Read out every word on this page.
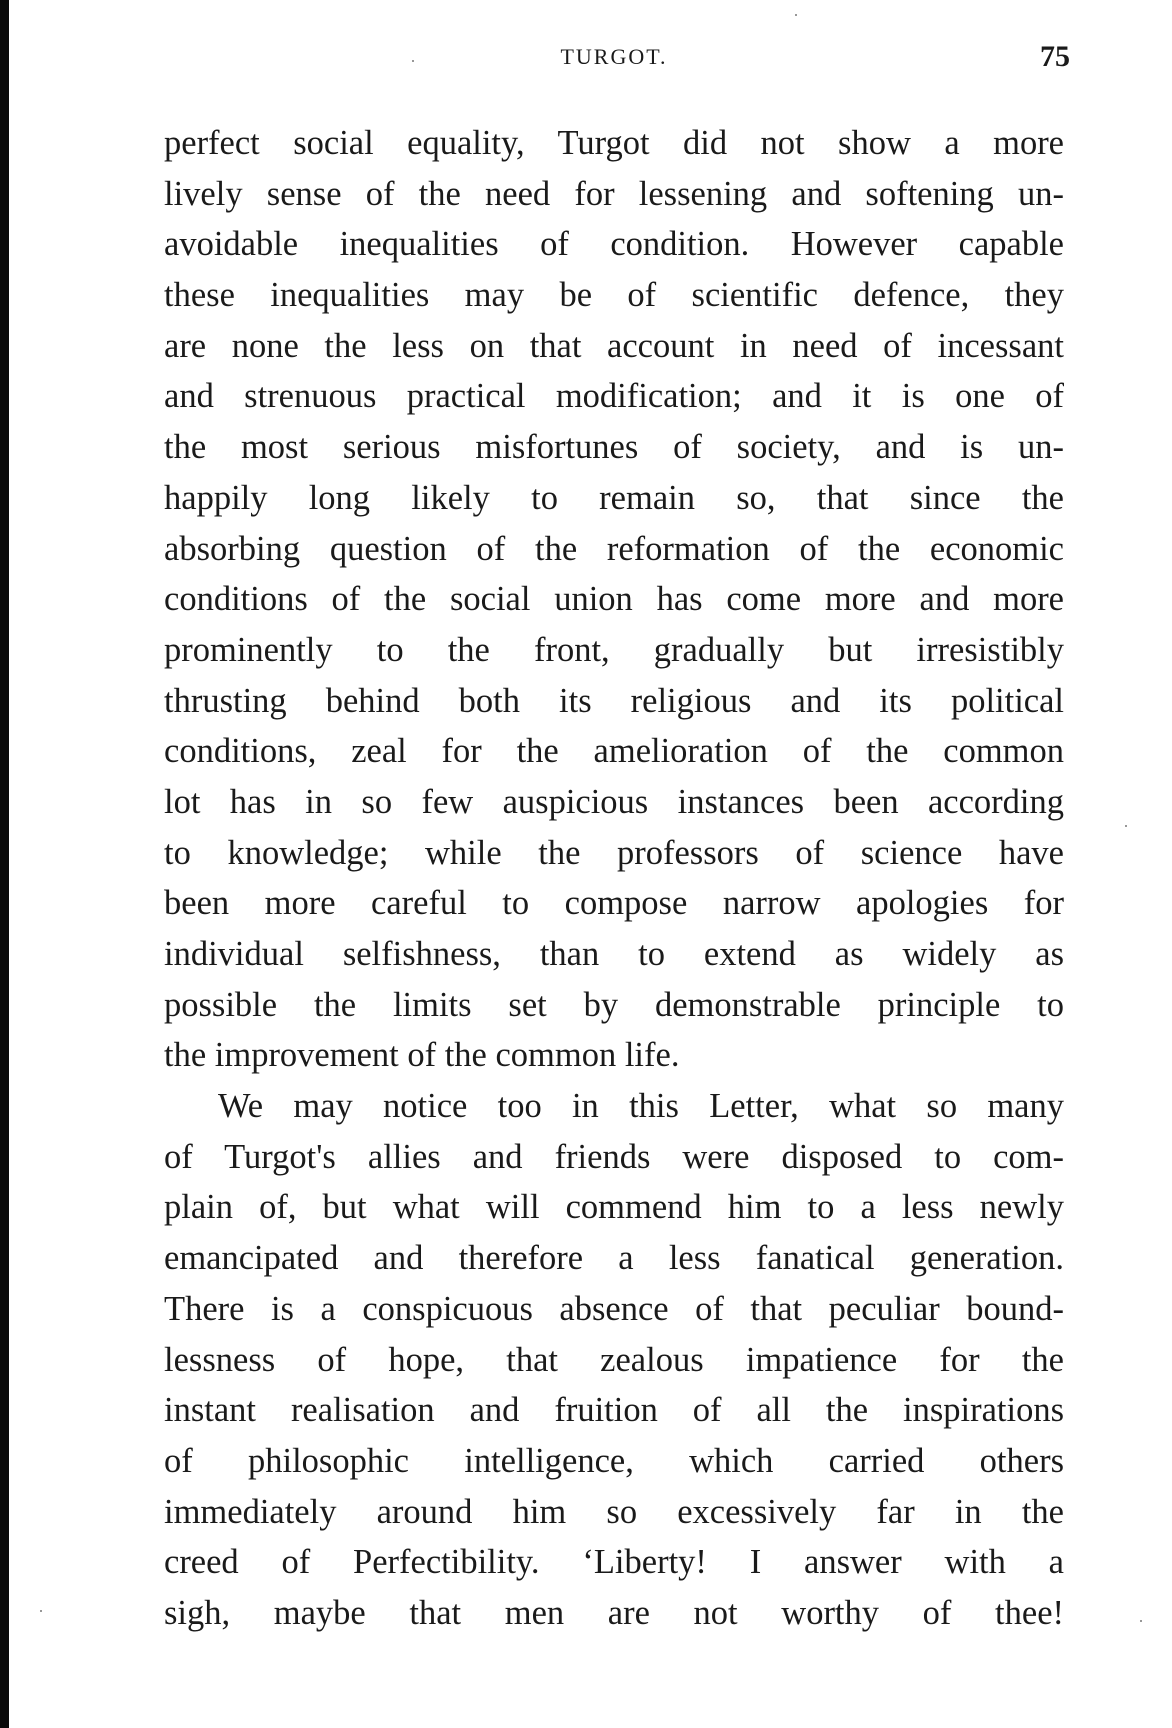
TURGOT.	75
perfect social equality, Turgot did not show a more
lively sense of the need for lessening and softening un-
avoidable inequalities of condition. However capable
these inequalities may be of scientific defence, they
are none the less on that account in need of incessant
and strenuous practical modification; and it is one of
the most serious misfortunes of society, and is un-
happily long likely to remain so, that since the
absorbing question of the reformation of the economic
conditions of the social union has come more and more
prominently to the front, gradually but irresistibly
thrusting behind both its religious and its political
conditions, zeal for the amelioration of the common
lot has in so few auspicious instances been according
to knowledge; while the professors of science have
been more careful to compose narrow apologies for
individual selfishness, than to extend as widely as
possible the limits set by demonstrable principle to
the improvement of the common life.
We may notice too in this Letter, what so many
of Turgot's allies and friends were disposed to com-
plain of, but what will commend him to a less newly
emancipated and therefore a less fanatical generation.
There is a conspicuous absence of that peculiar bound-
lessness of hope, that zealous impatience for the
instant realisation and fruition of all the inspirations
of philosophic intelligence, which carried others
immediately around him so excessively far in the
creed of Perfectibility. ‘Liberty! I answer with a
sigh, maybe that men are not worthy of thee!
